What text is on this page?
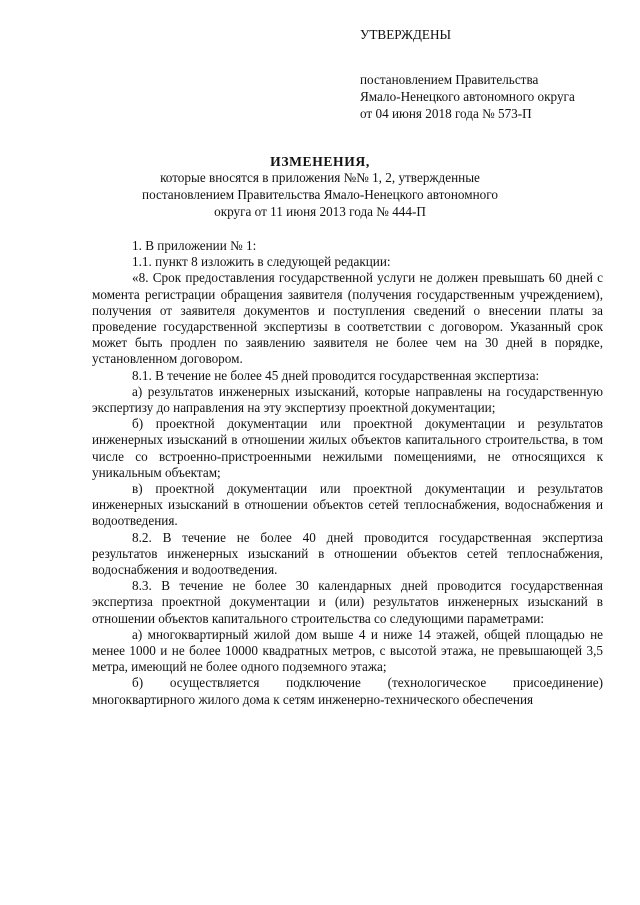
УТВЕРЖДЕНЫ

постановлением Правительства

Ямало-Ненецкого автономного округа

от 04 июня 2018 года № 573-П

ИЗМЕНЕНИЯ,
которые вносятся в приложения №№ 1, 2, утвержденные
постановлением Правительства Ямало-Ненецкого автономного
округа от 11 июня 2013 года № 444-П

1. В приложении № 1:

1.1. пункт 8 изложить в следующей редакции:

«8. Срок предоставления государственной услуги не должен превышать 60 дней с момента регистрации обращения заявителя (получения государственным учреждением), получения от заявителя документов и поступления сведений о внесении платы за проведение государственной экспертизы в соответствии с договором. Указанный срок может быть продлен по заявлению заявителя не более чем на 30 дней в порядке, установленном договором.

8.1. В течение не более 45 дней проводится государственная экспертиза:

а) результатов инженерных изысканий, которые направлены на государственную экспертизу до направления на эту экспертизу проектной документации;

б) проектной документации или проектной документации и результатов инженерных изысканий в отношении жилых объектов капитального строительства, в том числе со встроенно-пристроенными нежилыми помещениями, не относящихся к уникальным объектам;

в) проектной документации или проектной документации и результатов инженерных изысканий в отношении объектов сетей теплоснабжения, водоснабжения и водоотведения.

8.2. В течение не более 40 дней проводится государственная экспертиза результатов инженерных изысканий в отношении объектов сетей теплоснабжения, водоснабжения и водоотведения.

8.3. В течение не более 30 календарных дней проводится государственная экспертиза проектной документации и (или) результатов инженерных изысканий в отношении объектов капитального строительства со следующими параметрами:

а) многоквартирный жилой дом выше 4 и ниже 14 этажей, общей площадью не менее 1000 и не более 10000 квадратных метров, с высотой этажа, не превышающей 3,5 метра, имеющий не более одного подземного этажа;

б) осуществляется подключение (технологическое присоединение) многоквартирного жилого дома к сетям инженерно-технического обеспечения
